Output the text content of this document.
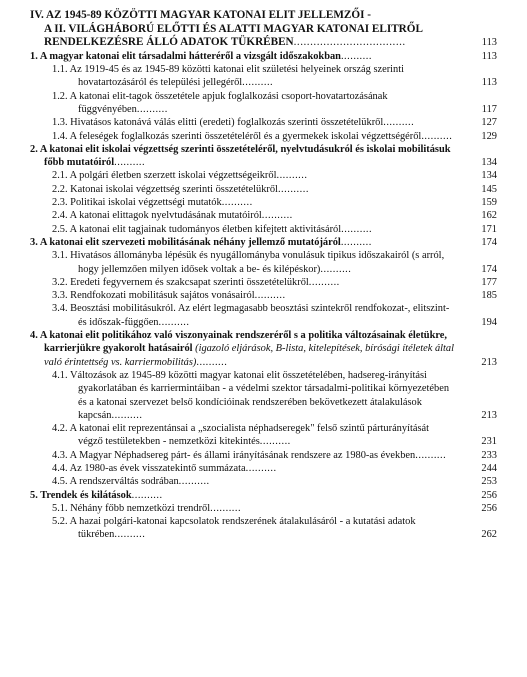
IV. AZ 1945-89 KÖZÖTTI MAGYAR KATONAI ELIT JELLEMZŐI -
A II. VILÁGHÁBORÚ ELŐTTI ÉS ALATTI MAGYAR KATONAI ELITRŐL
RENDELKEZÉSRE ÁLLÓ ADATOK TÜKRÉBEN..................................	113
1. A magyar katonai elit társadalmi hátteréről a vizsgált időszakokban..........	113
1.1. Az 1919-45 és az 1945-89 közötti katonai elit születési helyeinek ország szerinti hovatartozásáról és települési jellegéről..........	113
1.2. A katonai elit-tagok összetétele apjuk foglalkozási csoport-hovatartozásának függvényében..........	117
1.3. Hivatásos katonává válás elitti (eredeti) foglalkozás szerinti összetételükről..........	127
1.4. A feleségek foglalkozás szerinti összetételéről és a gyermekek iskolai végzettségéről..........	129
2. A katonai elit iskolai végzettség szerinti összetételéről, nyelvtudásukról és iskolai mobilitásuk főbb mutatóiról..........	134
2.1. A polgári életben szerzett iskolai végzettségeikről..........	134
2.2. Katonai iskolai végzettség szerinti összetételükről..........	145
2.3. Politikai iskolai végzettségi mutatók..........	159
2.4. A katonai elittagok nyelvtudásának mutatóiról..........	162
2.5. A katonai elit tagjainak tudományos életben kifejtett aktivitásáról..........	171
3. A katonai elit szervezeti mobilitásának néhány jellemző mutatójáról..........	174
3.1. Hivatásos állományba lépésük és nyugállományba vonulásuk tipikus időszakairól (s arról, hogy jellemzően milyen idősek voltak a be- és kilépéskor)..........	174
3.2. Eredeti fegyvernem és szakcsapat szerinti összetételükről..........	177
3.3. Rendfokozati mobilitásuk sajátos vonásairól..........	185
3.4. Beosztási mobilitásukról. Az elért legmagasabb beosztási szintekről rendfokozat-, elitszint- és időszak-függően..........	194
4. A katonai elit politikához való viszonyainak rendszeréről s a politika változásainak életükre, karrierjükre gyakorolt hatásairól (igazoló eljárások, B-lista, kitelepítések, bírósági ítéletek által való érintettség vs. karriermobilitás)..........	213
4.1. Változások az 1945-89 közötti magyar katonai elit összetételében, hadsereg-irányítási gyakorlatában és karriermintáiban - a védelmi szektor társadalmi-politikai környezetében és a katonai szervezet belső kondícióinak rendszerében bekövetkezett átalakulások kapcsán..........	213
4.2. A katonai elit reprezentánsai a „szocialista néphadseregek" felső szintű párturányítását végző testületekben - nemzetközi kitekintés..........	231
4.3. A Magyar Néphadsereg párt- és állami irányításának rendszere az 1980-as években..........	233
4.4. Az 1980-as évek visszatekintő summázata..........	244
4.5. A rendszerváltás sodrában..........	253
5. Trendek és kilátások..........	256
5.1. Néhány főbb nemzetközi trendről..........	256
5.2. A hazai polgári-katonai kapcsolatok rendszerének átalakulásáról - a kutatási adatok tükrében..........	262
